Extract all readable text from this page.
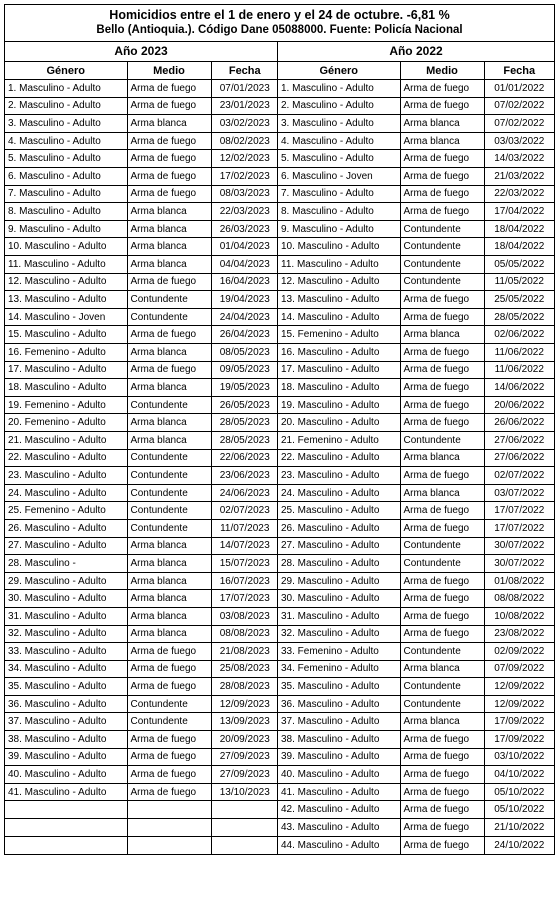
Homicidios entre el 1 de enero y el 24 de octubre. -6,81 %
Bello (Antioquia.). Código Dane 05088000. Fuente: Policía Nacional
Año 2023
Género	Medio	Fecha
1. Masculino - Adulto	Arma de fuego	07/01/2023
2. Masculino - Adulto	Arma de fuego	23/01/2023
3. Masculino - Adulto	Arma blanca	03/02/2023
4. Masculino - Adulto	Arma de fuego	08/02/2023
5. Masculino - Adulto	Arma de fuego	12/02/2023
6. Masculino - Adulto	Arma de fuego	17/02/2023
7. Masculino - Adulto	Arma de fuego	08/03/2023
8. Masculino - Adulto	Arma blanca	22/03/2023
9. Masculino - Adulto	Arma blanca	26/03/2023
10. Masculino - Adulto	Arma blanca	01/04/2023
11. Masculino - Adulto	Arma blanca	04/04/2023
12. Masculino - Adulto	Arma de fuego	16/04/2023
13. Masculino - Adulto	Contundente	19/04/2023
14. Masculino - Joven	Contundente	24/04/2023
15. Masculino - Adulto	Arma de fuego	26/04/2023
16. Femenino - Adulto	Arma blanca	08/05/2023
17. Masculino - Adulto	Arma de fuego	09/05/2023
18. Masculino - Adulto	Arma blanca	19/05/2023
19. Femenino - Adulto	Contundente	26/05/2023
20. Femenino - Adulto	Arma blanca	28/05/2023
21. Masculino - Adulto	Arma blanca	28/05/2023
22. Masculino - Adulto	Contundente	22/06/2023
23. Masculino - Adulto	Contundente	23/06/2023
24. Masculino - Adulto	Contundente	24/06/2023
25. Femenino - Adulto	Contundente	02/07/2023
26. Masculino - Adulto	Contundente	11/07/2023
27. Masculino - Adulto	Arma blanca	14/07/2023
28. Masculino -	Arma blanca	15/07/2023
29. Masculino - Adulto	Arma blanca	16/07/2023
30. Masculino - Adulto	Arma blanca	17/07/2023
31. Masculino - Adulto	Arma blanca	03/08/2023
32. Masculino - Adulto	Arma blanca	08/08/2023
33. Masculino - Adulto	Arma de fuego	21/08/2023
34. Masculino - Adulto	Arma de fuego	25/08/2023
35. Masculino - Adulto	Arma de fuego	28/08/2023
36. Masculino - Adulto	Contundente	12/09/2023
37. Masculino - Adulto	Contundente	13/09/2023
38. Masculino - Adulto	Arma de fuego	20/09/2023
39. Masculino - Adulto	Arma de fuego	27/09/2023
40. Masculino - Adulto	Arma de fuego	27/09/2023
41. Masculino - Adulto	Arma de fuego	13/10/2023

Año 2022
Género	Medio	Fecha
1. Masculino - Adulto	Arma de fuego	01/01/2022
2. Masculino - Adulto	Arma de fuego	07/02/2022
3. Masculino - Adulto	Arma blanca	07/02/2022
4. Masculino - Adulto	Arma blanca	03/03/2022
5. Masculino - Adulto	Arma de fuego	14/03/2022
6. Masculino - Joven	Arma de fuego	21/03/2022
7. Masculino - Adulto	Arma de fuego	22/03/2022
8. Masculino - Adulto	Arma de fuego	17/04/2022
9. Masculino - Adulto	Contundente	18/04/2022
10. Masculino - Adulto	Contundente	18/04/2022
11. Masculino - Adulto	Contundente	05/05/2022
12. Masculino - Adulto	Contundente	11/05/2022
13. Masculino - Adulto	Arma de fuego	25/05/2022
14. Masculino - Adulto	Arma de fuego	28/05/2022
15. Femenino - Adulto	Arma blanca	02/06/2022
16. Masculino - Adulto	Arma de fuego	11/06/2022
17. Masculino - Adulto	Arma de fuego	11/06/2022
18. Masculino - Adulto	Arma de fuego	14/06/2022
19. Masculino - Adulto	Arma de fuego	20/06/2022
20. Masculino - Adulto	Arma de fuego	26/06/2022
21. Femenino - Adulto	Contundente	27/06/2022
22. Masculino - Adulto	Arma blanca	27/06/2022
23. Masculino - Adulto	Arma de fuego	02/07/2022
24. Masculino - Adulto	Arma blanca	03/07/2022
25. Masculino - Adulto	Arma de fuego	17/07/2022
26. Masculino - Adulto	Arma de fuego	17/07/2022
27. Masculino - Adulto	Contundente	30/07/2022
28. Masculino - Adulto	Contundente	30/07/2022
29. Masculino - Adulto	Arma de fuego	01/08/2022
30. Masculino - Adulto	Arma de fuego	08/08/2022
31. Masculino - Adulto	Arma de fuego	10/08/2022
32. Masculino - Adulto	Arma de fuego	23/08/2022
33. Femenino - Adulto	Contundente	02/09/2022
34. Femenino - Adulto	Arma blanca	07/09/2022
35. Masculino - Adulto	Contundente	12/09/2022
36. Masculino - Adulto	Contundente	12/09/2022
37. Masculino - Adulto	Arma blanca	17/09/2022
38. Masculino - Adulto	Arma de fuego	17/09/2022
39. Masculino - Adulto	Arma de fuego	03/10/2022
40. Masculino - Adulto	Arma de fuego	04/10/2022
41. Masculino - Adulto	Arma de fuego	05/10/2022
42. Masculino - Adulto	Arma de fuego	05/10/2022
43. Masculino - Adulto	Arma de fuego	21/10/2022
44. Masculino - Adulto	Arma de fuego	24/10/2022
